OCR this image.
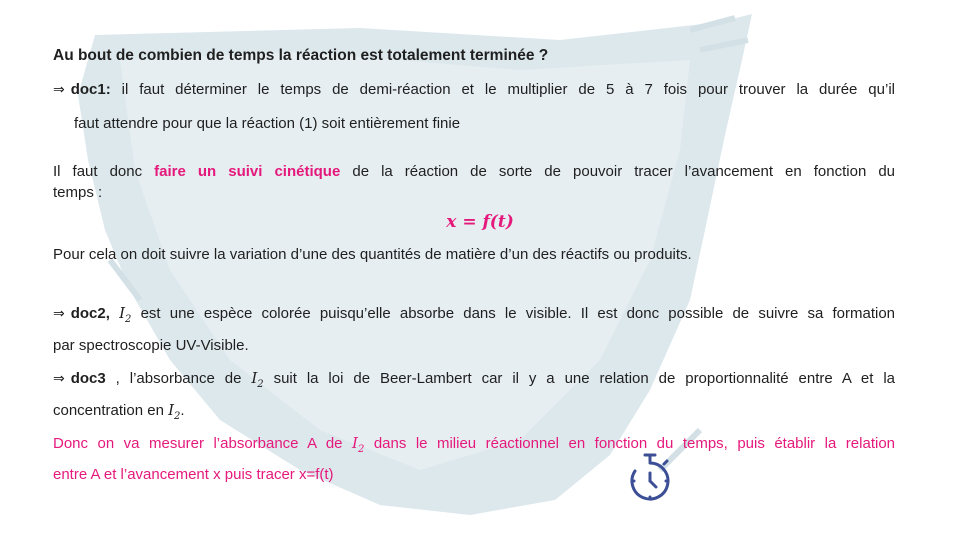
Au bout de combien de temps la réaction est totalement terminée ?
⇒ doc1: il faut déterminer le temps de demi-réaction et le multiplier de 5 à 7 fois pour trouver la durée qu’il
faut attendre pour que la réaction (1) soit entièrement finie
Il faut donc faire un suivi cinétique de la réaction de sorte de pouvoir tracer l’avancement en fonction du
temps :
x = f(t)
Pour cela on doit suivre la variation d’une des quantités de matière d’un des réactifs ou produits.
⇒ doc2, $I_2$ est une espèce colorée puisqu’elle absorbe dans le visible. Il est donc possible de suivre sa formation
par spectroscopie UV-Visible.
⇒ doc3 , l’absorbance de $I_2$ suit la loi de Beer-Lambert car il y a une relation de proportionnalité entre A et la
concentration en $I_2$.
Donc on va mesurer l’absorbance A de $I_2$ dans le milieu réactionnel en fonction du temps, puis établir la relation
entre A et l’avancement x puis tracer x=f(t)
